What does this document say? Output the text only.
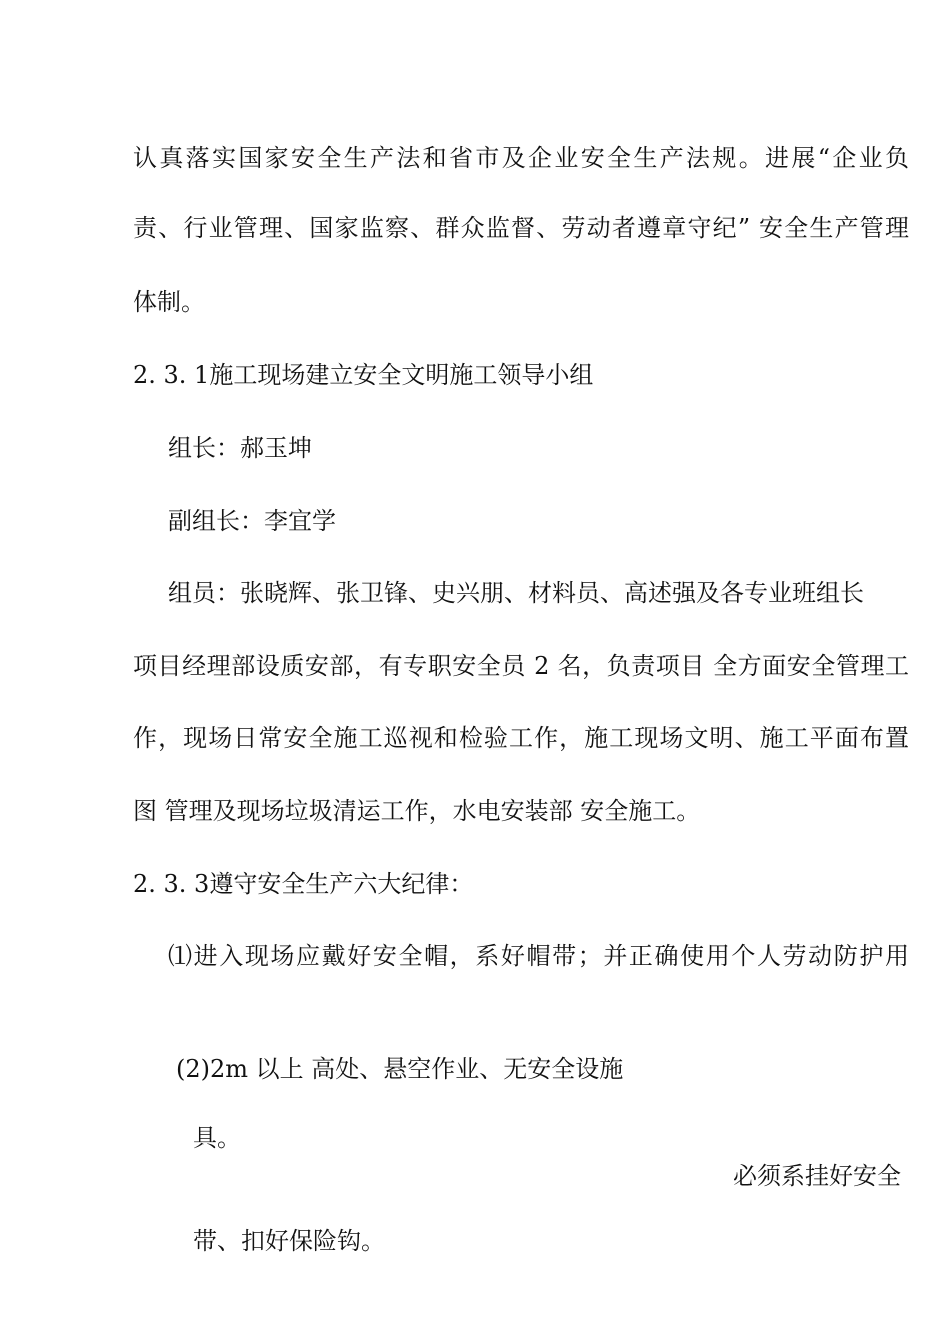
认真落实国家安全生产法和省市及企业安全生产法规。进展“企业负
责、行业管理、国家监察、群众监督、劳动者遵章守纪” 安全生产管理
体制。
2. 3. 1施工现场建立安全文明施工领导小组
组长：郝玉坤
副组长：李宜学
组员：张晓辉、张卫锋、史兴朋、材料员、高述强及各专业班组长
项目经理部设质安部，有专职安全员 2 名，负责项目 全方面安全管理工
作，现场日常安全施工巡视和检验工作，施工现场文明、施工平面布置
图 管理及现场垃圾清运工作，水电安装部 安全施工。
2. 3. 3遵守安全生产六大纪律：
⑴进入现场应戴好安全帽，系好帽带；并正确使用个人劳动防护用
(2)2m 以上 高处、悬空作业、无安全设施
具。
必须系挂好安全
带、扣好保险钩。
